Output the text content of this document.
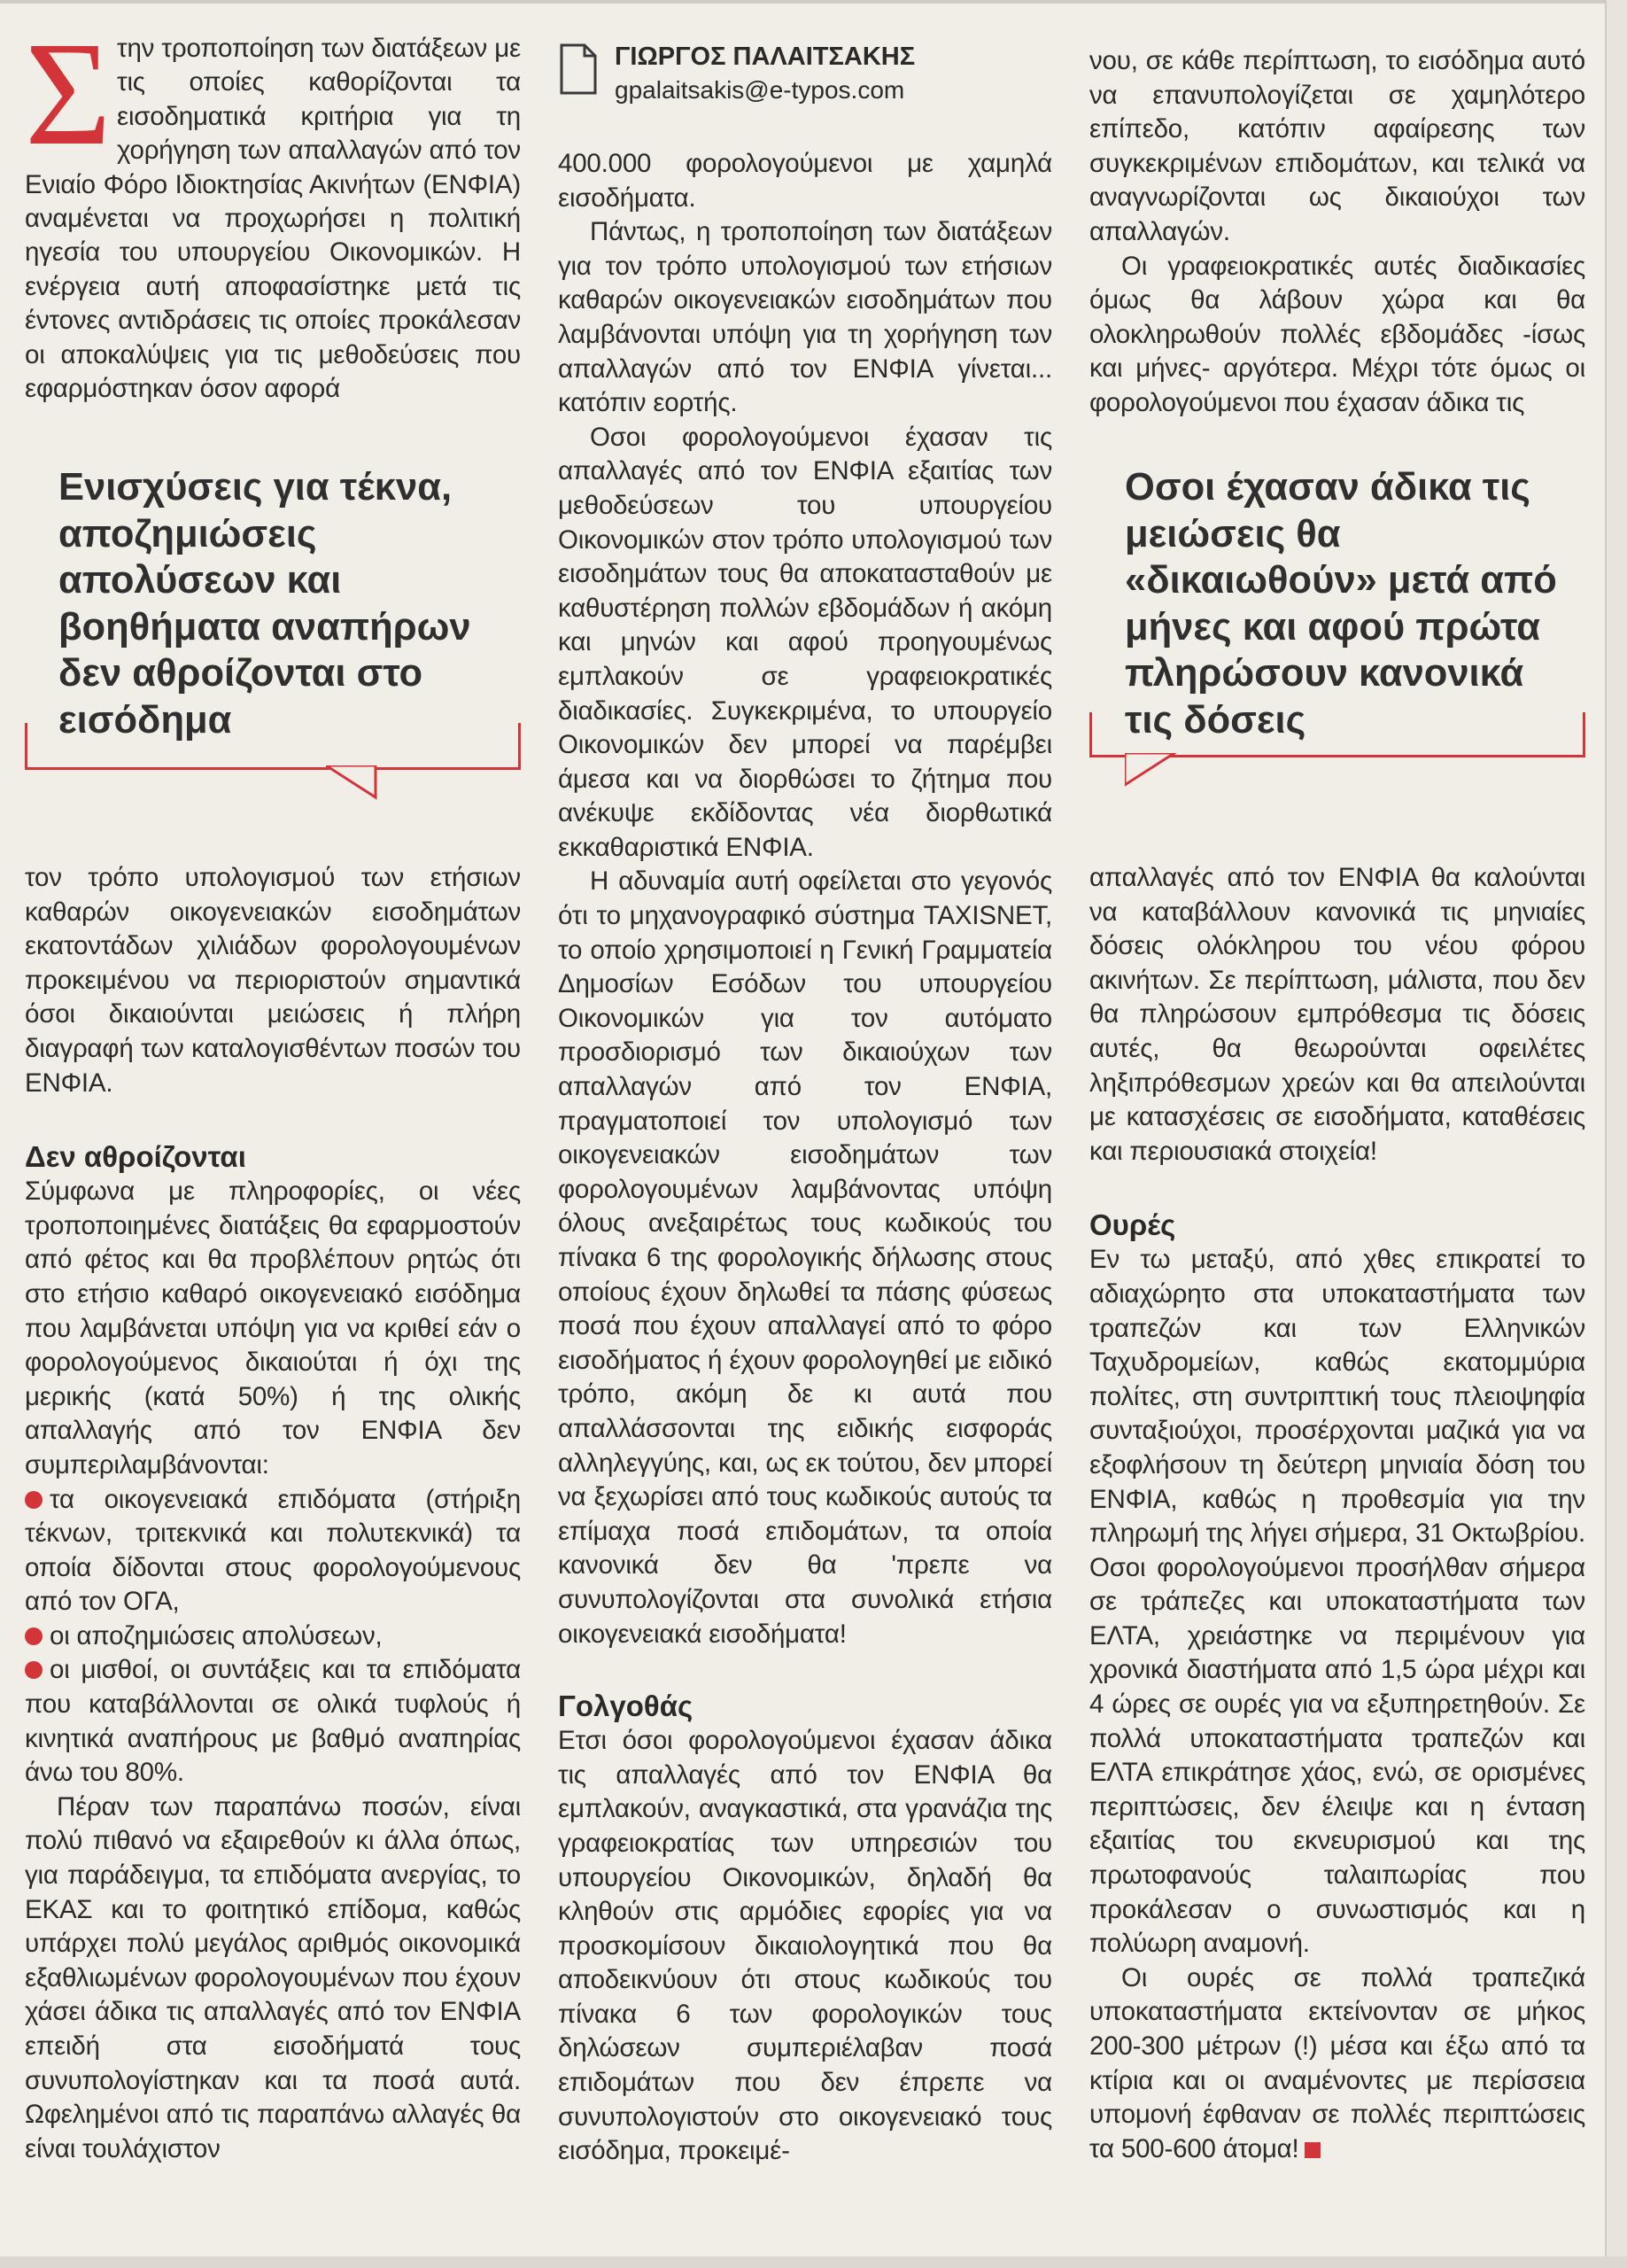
Στην τροποποίηση των διατάξεων με τις οποίες καθορίζονται τα εισοδηματικά κριτήρια για τη χορήγηση των απαλλαγών από τον Ενιαίο Φόρο Ιδιοκτησίας Ακινήτων (ΕΝΦΙΑ) αναμένεται να προχωρήσει η πολιτική ηγεσία του υπουργείου Οικονομικών. Η ενέργεια αυτή αποφασίστηκε μετά τις έντονες αντιδράσεις τις οποίες προκάλεσαν οι αποκαλύψεις για τις μεθοδεύσεις που εφαρμόστηκαν όσον αφορά

Ενισχύσεις για τέκνα, αποζημιώσεις απολύσεων και βοηθήματα αναπήρων δεν αθροίζονται στο εισόδημα

τον τρόπο υπολογισμού των ετήσιων καθαρών οικογενειακών εισοδημάτων εκατοντάδων χιλιάδων φορολογουμένων προκειμένου να περιοριστούν σημαντικά όσοι δικαιούνται μειώσεις ή πλήρη διαγραφή των καταλογισθέντων ποσών του ΕΝΦΙΑ.

Δεν αθροίζονται

Σύμφωνα με πληροφορίες, οι νέες τροποποιημένες διατάξεις θα εφαρμοστούν από φέτος και θα προβλέπουν ρητώς ότι στο ετήσιο καθαρό οικογενειακό εισόδημα που λαμβάνεται υπόψη για να κριθεί εάν ο φορολογούμενος δικαιούται ή όχι της μερικής (κατά 50%) ή της ολικής απαλλαγής από τον ΕΝΦΙΑ δεν συμπεριλαμβάνονται:

τα οικογενειακά επιδόματα (στήριξη τέκνων, τριτεκνικά και πολυτεκνικά) τα οποία δίδονται στους φορολογούμενους από τον ΟΓΑ,

οι αποζημιώσεις απολύσεων,

οι μισθοί, οι συντάξεις και τα επιδόματα που καταβάλλονται σε ολικά τυφλούς ή κινητικά αναπήρους με βαθμό αναπηρίας άνω του 80%.

Πέραν των παραπάνω ποσών, είναι πολύ πιθανό να εξαιρεθούν κι άλλα όπως, για παράδειγμα, τα επιδόματα ανεργίας, το ΕΚΑΣ και το φοιτητικό επίδομα, καθώς υπάρχει πολύ μεγάλος αριθμός οικονομικά εξαθλιωμένων φορολογουμένων που έχουν χάσει άδικα τις απαλλαγές από τον ΕΝΦΙΑ επειδή στα εισοδήματά τους συνυπολογίστηκαν και τα ποσά αυτά. Ωφελημένοι από τις παραπάνω αλλαγές θα είναι τουλάχιστον

ΓΙΩΡΓΟΣ ΠΑΛΑΙΤΣΑΚΗΣ
gpalaitsakis@e-typos.com

400.000 φορολογούμενοι με χαμηλά εισοδήματα.

Πάντως, η τροποποίηση των διατάξεων για τον τρόπο υπολογισμού των ετήσιων καθαρών οικογενειακών εισοδημάτων που λαμβάνονται υπόψη για τη χορήγηση των απαλλαγών από τον ΕΝΦΙΑ γίνεται... κατόπιν εορτής.

Οσοι φορολογούμενοι έχασαν τις απαλλαγές από τον ΕΝΦΙΑ εξαιτίας των μεθοδεύσεων του υπουργείου Οικονομικών στον τρόπο υπολογισμού των εισοδημάτων τους θα αποκατασταθούν με καθυστέρηση πολλών εβδομάδων ή ακόμη και μηνών και αφού προηγουμένως εμπλακούν σε γραφειοκρατικές διαδικασίες. Συγκεκριμένα, το υπουργείο Οικονομικών δεν μπορεί να παρέμβει άμεσα και να διορθώσει το ζήτημα που ανέκυψε εκδίδοντας νέα διορθωτικά εκκαθαριστικά ΕΝΦΙΑ.

Η αδυναμία αυτή οφείλεται στο γεγονός ότι το μηχανογραφικό σύστημα TAXISNET, το οποίο χρησιμοποιεί η Γενική Γραμματεία Δημοσίων Εσόδων του υπουργείου Οικονομικών για τον αυτόματο προσδιορισμό των δικαιούχων των απαλλαγών από τον ΕΝΦΙΑ, πραγματοποιεί τον υπολογισμό των οικογενειακών εισοδημάτων των φορολογουμένων λαμβάνοντας υπόψη όλους ανεξαιρέτως τους κωδικούς του πίνακα 6 της φορολογικής δήλωσης στους οποίους έχουν δηλωθεί τα πάσης φύσεως ποσά που έχουν απαλλαγεί από το φόρο εισοδήματος ή έχουν φορολογηθεί με ειδικό τρόπο, ακόμη δε κι αυτά που απαλλάσσονται της ειδικής εισφοράς αλληλεγγύης, και, ως εκ τούτου, δεν μπορεί να ξεχωρίσει από τους κωδικούς αυτούς τα επίμαχα ποσά επιδομάτων, τα οποία κανονικά δεν θα 'πρεπε να συνυπολογίζονται στα συνολικά ετήσια οικογενειακά εισοδήματα!

Γολγοθάς

Ετσι όσοι φορολογούμενοι έχασαν άδικα τις απαλλαγές από τον ΕΝΦΙΑ θα εμπλακούν, αναγκαστικά, στα γρανάζια της γραφειοκρατίας των υπηρεσιών του υπουργείου Οικονομικών, δηλαδή θα κληθούν στις αρμόδιες εφορίες για να προσκομίσουν δικαιολογητικά που θα αποδεικνύουν ότι στους κωδικούς του πίνακα 6 των φορολογικών τους δηλώσεων συμπεριέλαβαν ποσά επιδομάτων που δεν έπρεπε να συνυπολογιστούν στο οικογενειακό τους εισόδημα, προκειμέ-

νου, σε κάθε περίπτωση, το εισόδημα αυτό να επανυπολογίζεται σε χαμηλότερο επίπεδο, κατόπιν αφαίρεσης των συγκεκριμένων επιδομάτων, και τελικά να αναγνωρίζονται ως δικαιούχοι των απαλλαγών.

Οι γραφειοκρατικές αυτές διαδικασίες όμως θα λάβουν χώρα και θα ολοκληρωθούν πολλές εβδομάδες -ίσως και μήνες- αργότερα. Μέχρι τότε όμως οι φορολογούμενοι που έχασαν άδικα τις

Οσοι έχασαν άδικα τις μειώσεις θα «δικαιωθούν» μετά από μήνες και αφού πρώτα πληρώσουν κανονικά τις δόσεις

απαλλαγές από τον ΕΝΦΙΑ θα καλούνται να καταβάλλουν κανονικά τις μηνιαίες δόσεις ολόκληρου του νέου φόρου ακινήτων. Σε περίπτωση, μάλιστα, που δεν θα πληρώσουν εμπρόθεσμα τις δόσεις αυτές, θα θεωρούνται οφειλέτες ληξιπρόθεσμων χρεών και θα απειλούνται με κατασχέσεις σε εισοδήματα, καταθέσεις και περιουσιακά στοιχεία!

Ουρές

Εν τω μεταξύ, από χθες επικρατεί το αδιαχώρητο στα υποκαταστήματα των τραπεζών και των Ελληνικών Ταχυδρομείων, καθώς εκατομμύρια πολίτες, στη συντριπτική τους πλειοψηφία συνταξιούχοι, προσέρχονται μαζικά για να εξοφλήσουν τη δεύτερη μηνιαία δόση του ΕΝΦΙΑ, καθώς η προθεσμία για την πληρωμή της λήγει σήμερα, 31 Οκτωβρίου. Οσοι φορολογούμενοι προσήλθαν σήμερα σε τράπεζες και υποκαταστήματα των ΕΛΤΑ, χρειάστηκε να περιμένουν για χρονικά διαστήματα από 1,5 ώρα μέχρι και 4 ώρες σε ουρές για να εξυπηρετηθούν. Σε πολλά υποκαταστήματα τραπεζών και ΕΛΤΑ επικράτησε χάος, ενώ, σε ορισμένες περιπτώσεις, δεν έλειψε και η ένταση εξαιτίας του εκνευρισμού και της πρωτοφανούς ταλαιπωρίας που προκάλεσαν ο συνωστισμός και η πολύωρη αναμονή.

Οι ουρές σε πολλά τραπεζικά υποκαταστήματα εκτείνονταν σε μήκος 200-300 μέτρων (!) μέσα και έξω από τα κτίρια και οι αναμένοντες με περίσσεια υπομονή έφθαναν σε πολλές περιπτώσεις τα 500-600 άτομα!
